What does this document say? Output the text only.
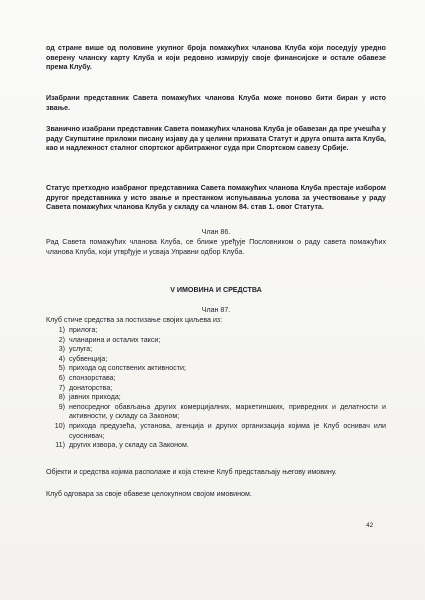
од стране више од половине укупног броја помажућих чланова Клуба који поседују уредно оверену чланску карту Клуба и који редовно измирују своје финансијске и остале обавезе према Клубу.
Изабрани представник Савета помажућих чланова Клуба може поново бити биран у исто звање.
Званично изабрани представник Савета помажућих чланова Клуба је обавезан да пре учешћа у раду Скупштине приложи писану изјаву да у целини прихвата Статут и друга општа акта Клуба, као и надлежност сталног спортског арбитражног суда при Спортском савезу Србије.
Статус претходно изабраног представника Савета помажућих чланова Клуба престаје избором другог представника у исто звање и престанком испуњавања услова за учествовање у раду Савета помажућих чланова Клуба у складу са чланом 84. став 1. овог Статута.
Члан 86.
Рад Савета помажућих чланова Клуба, се ближе уређује Пословником о раду савета помажућих чланова Клуба, који утврђује и усваја Управни одбор Клуба.
V ИМОВИНА И СРЕДСТВА
Члан 87.
Клуб стиче средства за постизање својих циљева из:
1) прилога;
2) чланарина и осталих такси;
3) услуга;
4) субвенција;
5) прихода од сопствених активности;
6) спонзорстава;
7) донаторства;
8) јавних прихода;
9) непосредног обављања других комерцијалних, маркетиншких, привредних и делатности и активности, у складу са Законом;
10) прихода предузећа, установа, агенција и других организација којима је Клуб оснивач или суоснивач;
11) других извора, у складу са Законом.
Објекти и средства којима располаже и која стекне Клуб представљају његову имовину.
Клуб одговара за своје обавезе целокупном својом имовином.
42
